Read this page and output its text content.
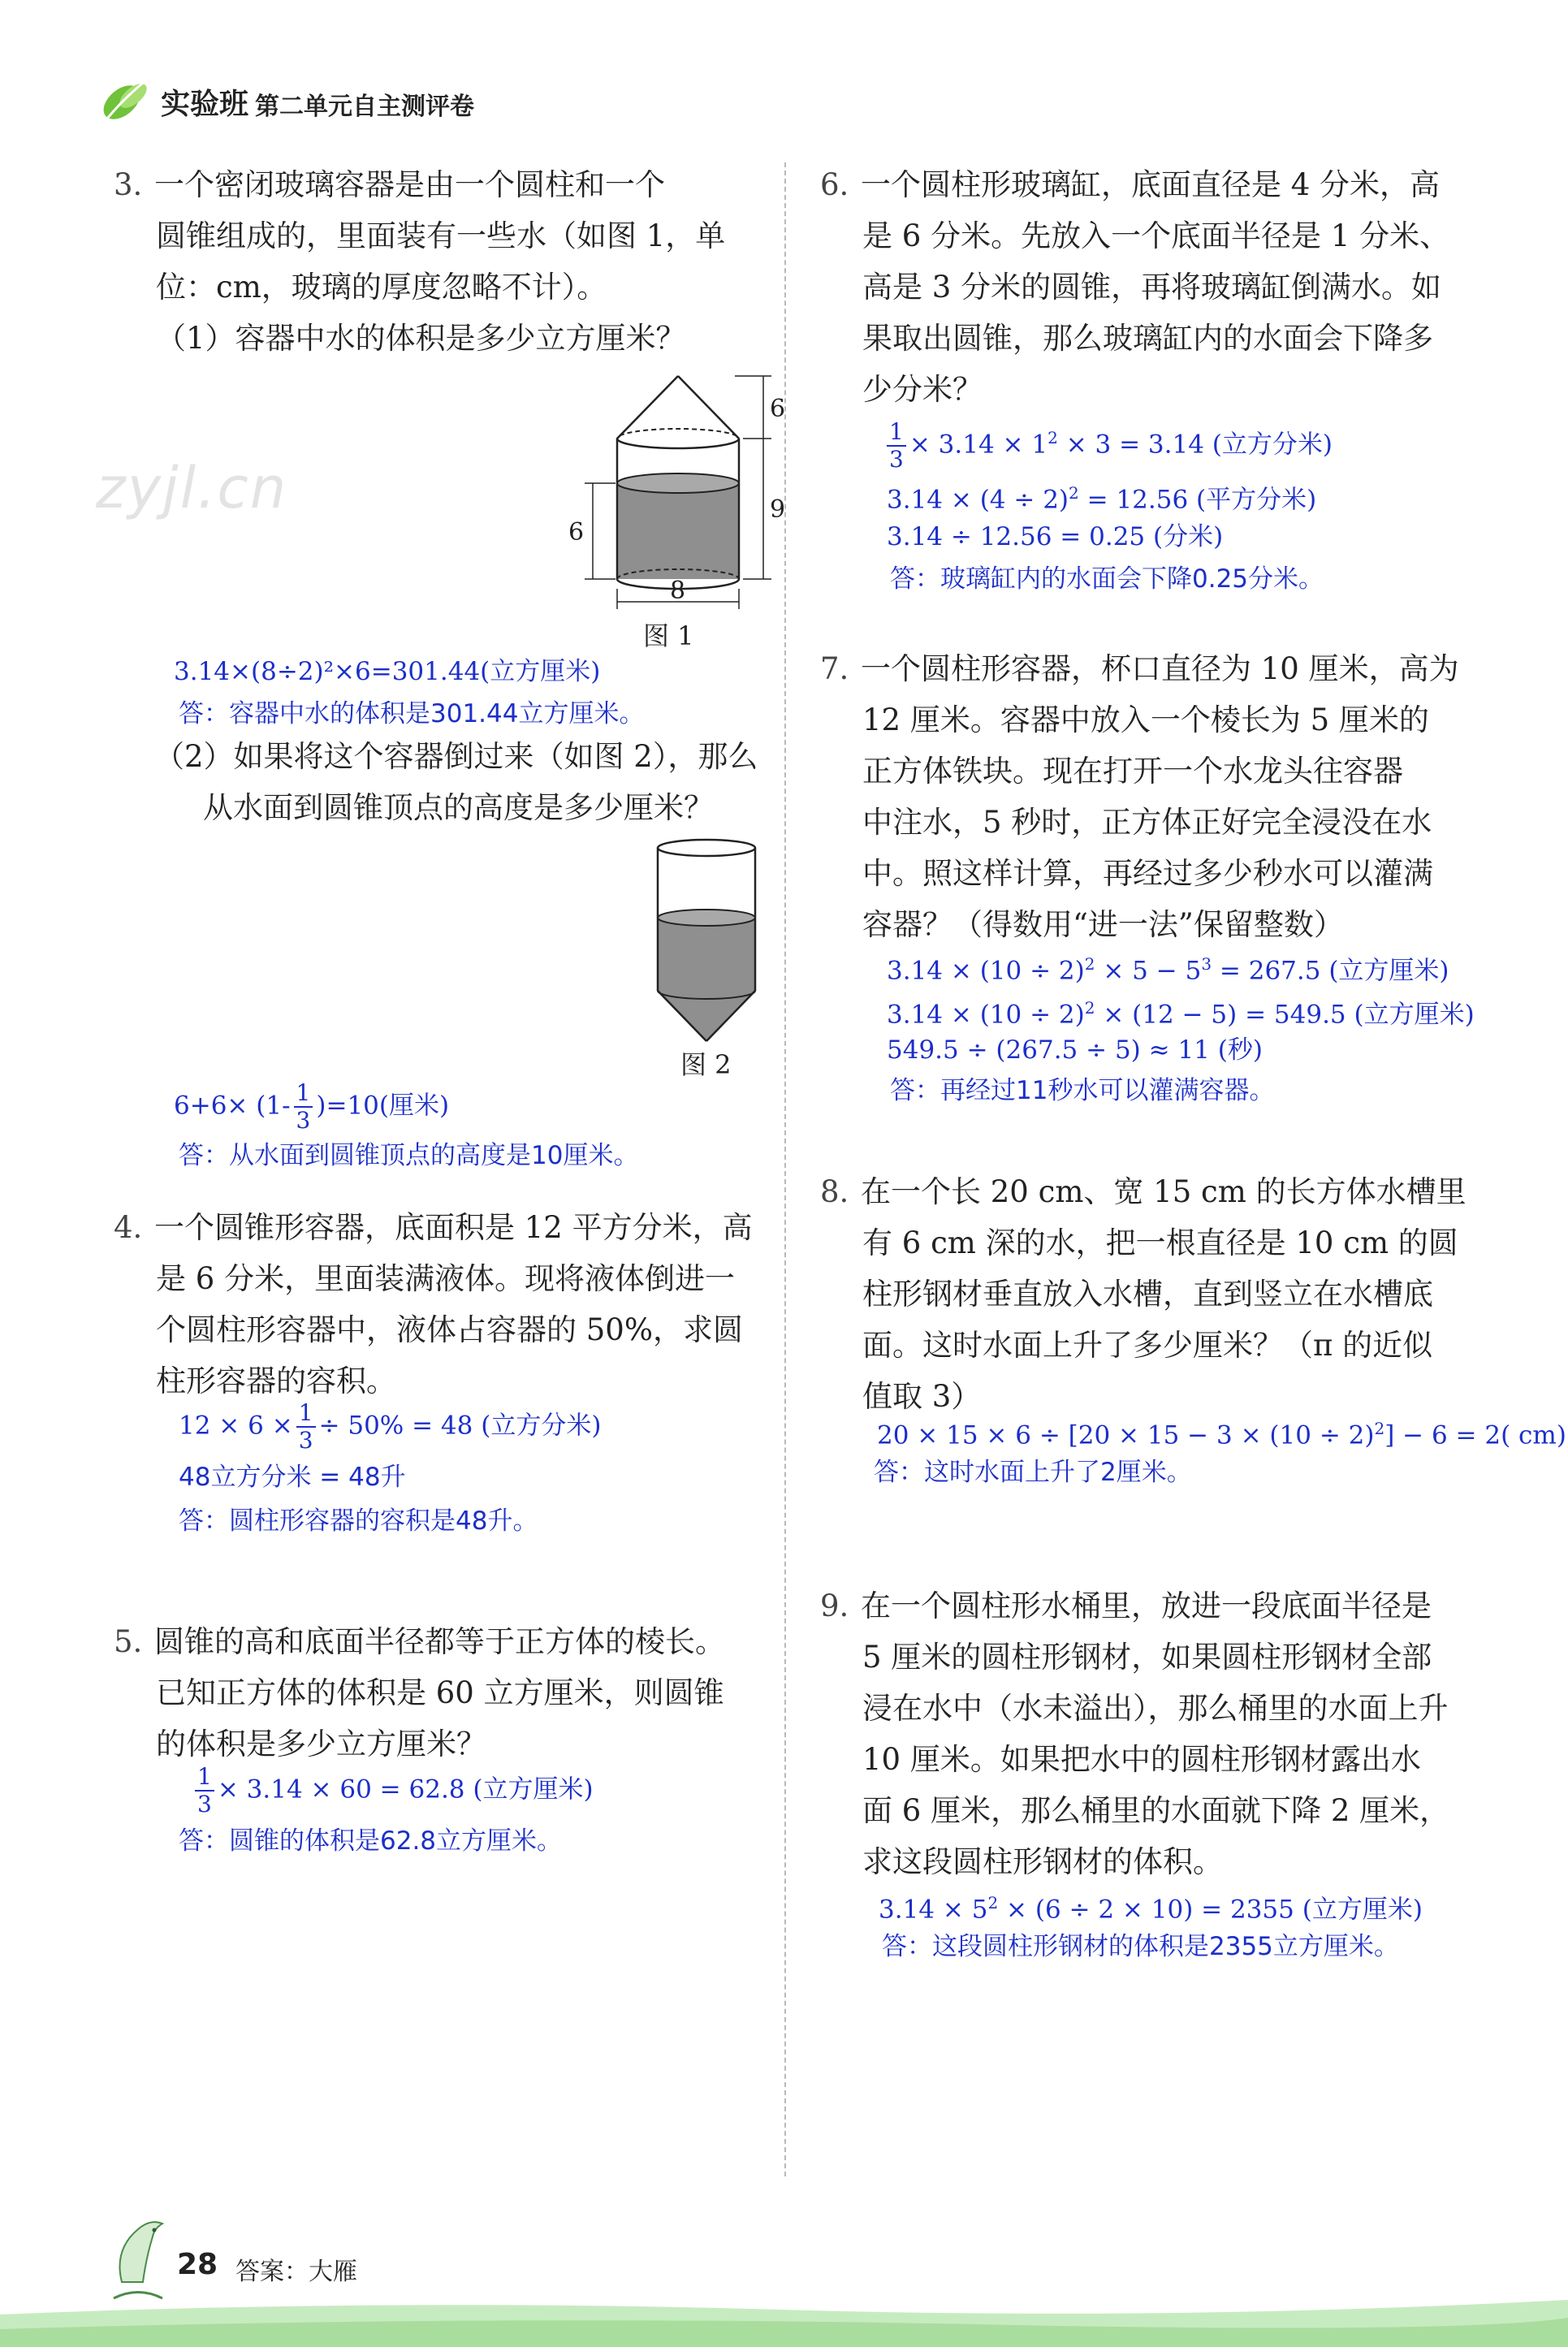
实验班 第二单元自主测评卷
zyjl.cn
3. 一个密闭玻璃容器是由一个圆柱和一个
圆锥组成的，里面装有一些水（如图 1，单
位：cm，玻璃的厚度忽略不计）。
（1）容器中水的体积是多少立方厘米？
6
9
6
8
图 1
3.14×(8÷2)²×6=301.44(立方厘米)
答：容器中水的体积是301.44立方厘米。
（2）如果将这个容器倒过来（如图 2），那么
从水面到圆锥顶点的高度是多少厘米？
图 2
$6+6\times (1- \frac{1}{3} )=10$(厘米)
答：从水面到圆锥顶点的高度是10厘米。
4. 一个圆锥形容器，底面积是 12 平方分米，高
是 6 分米，里面装满液体。现将液体倒进一
个圆柱形容器中，液体占容器的 50%，求圆
柱形容器的容积。
$12 \times 6 \times \frac{1}{3} \div 50\% = 48$ (立方分米)
48立方分米 = 48升
答：圆柱形容器的容积是48升。
5. 圆锥的高和底面半径都等于正方体的棱长。
已知正方体的体积是 60 立方厘米，则圆锥
的体积是多少立方厘米？
$\frac{1}{3} \times 3.14 \times 60 = 62.8$ (立方厘米)
答：圆锥的体积是62.8立方厘米。
6. 一个圆柱形玻璃缸，底面直径是 4 分米，高
是 6 分米。先放入一个底面半径是 1 分米、
高是 3 分米的圆锥，再将玻璃缸倒满水。如
果取出圆锥，那么玻璃缸内的水面会下降多
少分米？
$\frac{1}{3} \times 3.14 \times 1^2 \times 3 = 3.14$ (立方分米)
$3.14 \times (4 \div 2)^2 = 12.56$ (平方分米)
3.14 ÷ 12.56 = 0.25 (分米)
答：玻璃缸内的水面会下降0.25分米。
7. 一个圆柱形容器，杯口直径为 10 厘米，高为
12 厘米。容器中放入一个棱长为 5 厘米的
正方体铁块。现在打开一个水龙头往容器
中注水，5 秒时，正方体正好完全浸没在水
中。照这样计算，再经过多少秒水可以灌满
容器？（得数用“进一法”保留整数）
$3.14 \times (10 \div 2)^2 \times 5 - 5^3 = 267.5$ (立方厘米)
$3.14 \times (10 \div 2)^2 \times (12 - 5) = 549.5$ (立方厘米)
549.5 ÷ (267.5 ÷ 5) ≈ 11 (秒)
答：再经过11秒水可以灌满容器。
8. 在一个长 20 cm、宽 15 cm 的长方体水槽里
有 6 cm 深的水，把一根直径是 10 cm 的圆
柱形钢材垂直放入水槽，直到竖立在水槽底
面。这时水面上升了多少厘米？（π 的近似
值取 3）
$20 \times 15 \times 6 \div [20 \times 15 - 3 \times (10 \div 2)^2] - 6 = 2$( cm)
答：这时水面上升了2厘米。
9. 在一个圆柱形水桶里，放进一段底面半径是
5 厘米的圆柱形钢材，如果圆柱形钢材全部
浸在水中（水未溢出），那么桶里的水面上升
10 厘米。如果把水中的圆柱形钢材露出水
面 6 厘米，那么桶里的水面就下降 2 厘米，
求这段圆柱形钢材的体积。
$3.14 \times 5^2 \times (6 \div 2 \times 10) = 2355$ (立方厘米)
答：这段圆柱形钢材的体积是2355立方厘米。
28 答案：大雁
